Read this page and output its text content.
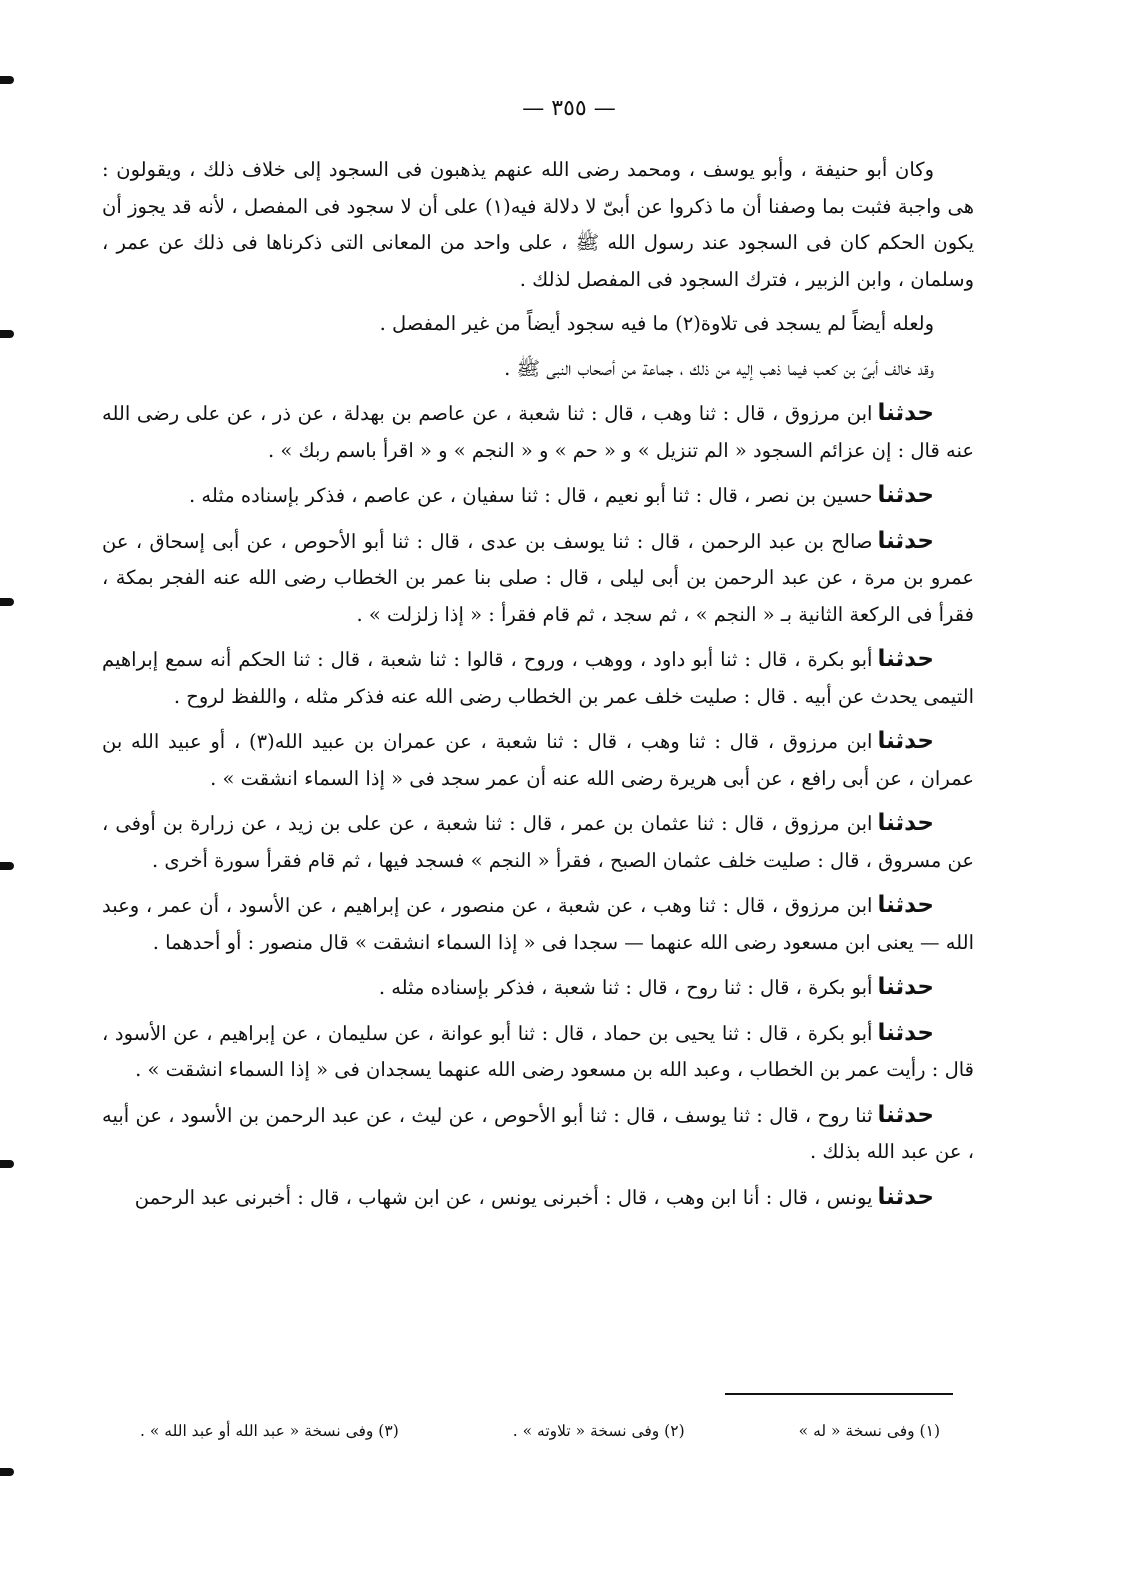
— ٣٥٥ —

وكان أبو حنيفة ، وأبو يوسف ، ومحمد رضى الله عنهم يذهبون فى السجود إلى خلاف ذلك ، ويقولون : هى واجبة فثبت بما وصفنا أن ما ذكروا عن أبىّ لا دلالة فيه(١) على أن لا سجود فى المفصل ، لأنه قد يجوز أن يكون الحكم كان فى السجود عند رسول الله ﷺ ، على واحد من المعانى التى ذكرناها فى ذلك عن عمر ، وسلمان ، وابن الزبير ، فترك السجود فى المفصل لذلك .

ولعله أيضاً لم يسجد فى تلاوة(٢) ما فيه سجود أيضاً من غير المفصل .

وقد خالف أبىّ بن كعب فيما ذهب إليه من ذلك ، جماعة من أصحاب النبى ﷺ .

حدثناابن مرزوق ، قال : ثنا وهب ، قال : ثنا شعبة ، عن عاصم بن بهدلة ، عن ذر ، عن على رضى الله عنه قال : إن عزائم السجود « الم تنزيل » و « حم » و « النجم » و « اقرأ باسم ربك » .

حدثناحسين بن نصر ، قال : ثنا أبو نعيم ، قال : ثنا سفيان ، عن عاصم ، فذكر بإسناده مثله .

حدثناصالح بن عبد الرحمن ، قال : ثنا يوسف بن عدى ، قال : ثنا أبو الأحوص ، عن أبى إسحاق ، عن عمرو بن مرة ، عن عبد الرحمن بن أبى ليلى ، قال : صلى بنا عمر بن الخطاب رضى الله عنه الفجر بمكة ، فقرأ فى الركعة الثانية بـ « النجم » ، ثم سجد ، ثم قام فقرأ : « إذا زلزلت » .

حدثناأبو بكرة ، قال : ثنا أبو داود ، ووهب ، وروح ، قالوا : ثنا شعبة ، قال : ثنا الحكم أنه سمع إبراهيم التيمى يحدث عن أبيه . قال : صليت خلف عمر بن الخطاب رضى الله عنه فذكر مثله ، واللفظ لروح .

حدثناابن مرزوق ، قال : ثنا وهب ، قال : ثنا شعبة ، عن عمران بن عبيد الله(٣) ، أو عبيد الله بن عمران ، عن أبى رافع ، عن أبى هريرة رضى الله عنه أن عمر سجد فى « إذا السماء انشقت » .

حدثناابن مرزوق ، قال : ثنا عثمان بن عمر ، قال : ثنا شعبة ، عن على بن زيد ، عن زرارة بن أوفى ، عن مسروق ، قال : صليت خلف عثمان الصبح ، فقرأ « النجم » فسجد فيها ، ثم قام فقرأ سورة أخرى .

حدثناابن مرزوق ، قال : ثنا وهب ، عن شعبة ، عن منصور ، عن إبراهيم ، عن الأسود ، أن عمر ، وعبد الله — يعنى ابن مسعود رضى الله عنهما — سجدا فى « إذا السماء انشقت » قال منصور : أو أحدهما .

حدثناأبو بكرة ، قال : ثنا روح ، قال : ثنا شعبة ، فذكر بإسناده مثله .

حدثناأبو بكرة ، قال : ثنا يحيى بن حماد ، قال : ثنا أبو عوانة ، عن سليمان ، عن إبراهيم ، عن الأسود ، قال : رأيت عمر بن الخطاب ، وعبد الله بن مسعود رضى الله عنهما يسجدان فى « إذا السماء انشقت » .

حدثناثنا روح ، قال : ثنا يوسف ، قال : ثنا أبو الأحوص ، عن ليث ، عن عبد الرحمن بن الأسود ، عن أبيه ، عن عبد الله بذلك .

حدثنايونس ، قال : أنا ابن وهب ، قال : أخبرنى يونس ، عن ابن شهاب ، قال : أخبرنى عبد الرحمن

(١) وفى نسخة « له »
(٢) وفى نسخة « تلاوته » .
(٣) وفى نسخة « عبد الله أو عبد الله » .
